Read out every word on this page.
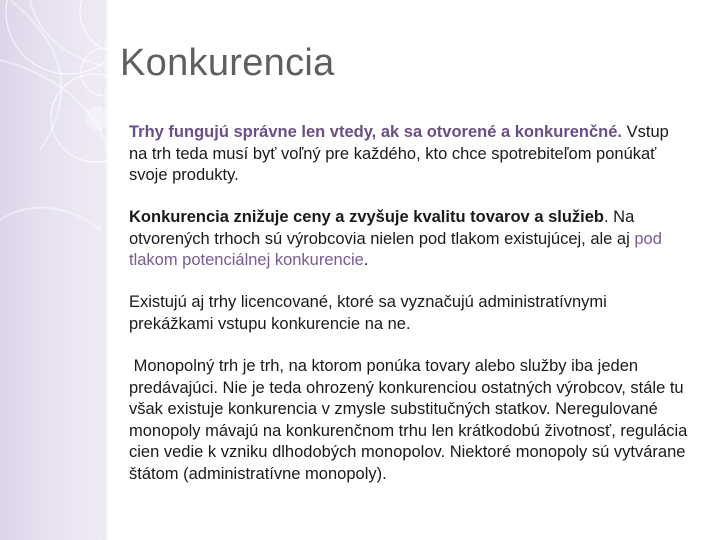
Konkurencia

Trhy fungujú správne len vtedy, ak sa otvorené a konkurenčné. Vstup na trh teda musí byť voľný pre každého, kto chce spotrebiteľom ponúkať svoje produkty.

Konkurencia znižuje ceny a zvyšuje kvalitu tovarov a služieb. Na otvorených trhoch sú výrobcovia nielen pod tlakom existujúcej, ale aj pod tlakom potenciálnej konkurencie.

Existujú aj trhy licencované, ktoré sa vyznačujú administratívnymi prekážkami vstupu konkurencie na ne.

Monopolný trh je trh, na ktorom ponúka tovary alebo služby iba jeden predávajúci. Nie je teda ohrozený konkurenciou ostatných výrobcov, stále tu však existuje konkurencia v zmysle substitučných statkov. Neregulované monopoly mávajú na konkurenčnom trhu len krátkodobú životnosť, regulácia cien vedie k vzniku dlhodobých monopolov. Niektoré monopoly sú vytvárane štátom (administratívne monopoly).
